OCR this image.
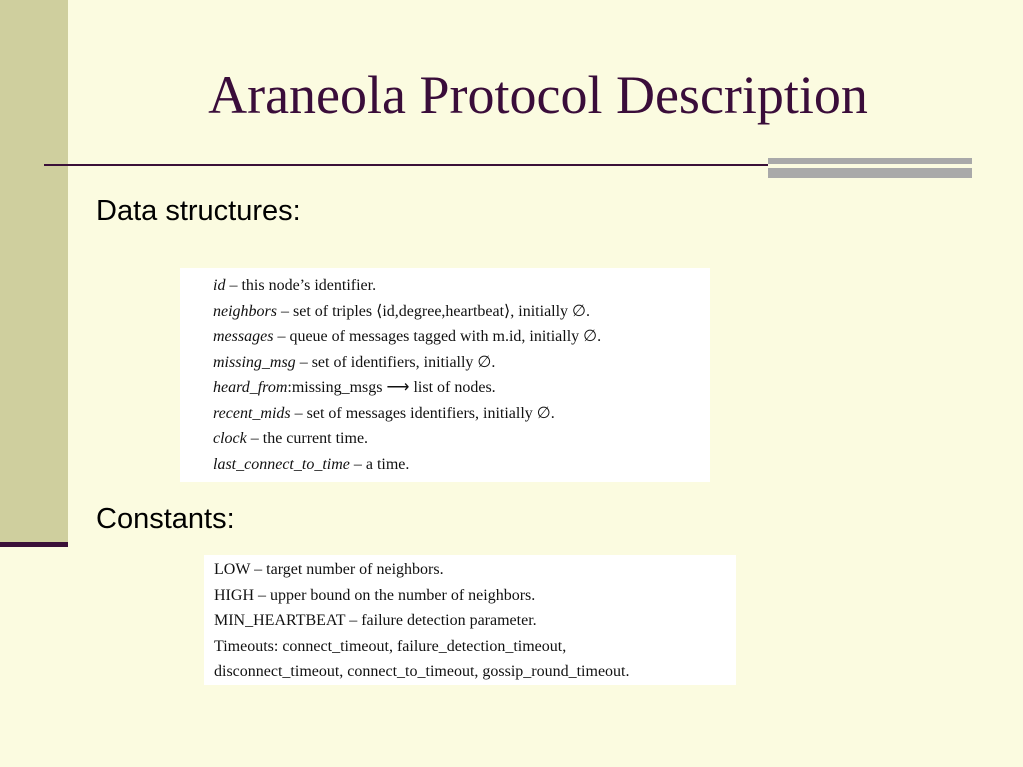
Araneola Protocol Description
Data structures:
id – this node’s identifier.
neighbors – set of triples ⟨id,degree,heartbeat⟩, initially ∅.
messages – queue of messages tagged with m.id, initially ∅.
missing_msg – set of identifiers, initially ∅.
heard_from:missing_msgs ⟶ list of nodes.
recent_mids – set of messages identifiers, initially ∅.
clock – the current time.
last_connect_to_time – a time.
Constants:
LOW – target number of neighbors.
HIGH – upper bound on the number of neighbors.
MIN_HEARTBEAT – failure detection parameter.
Timeouts: connect_timeout, failure_detection_timeout,
disconnect_timeout, connect_to_timeout, gossip_round_timeout.
